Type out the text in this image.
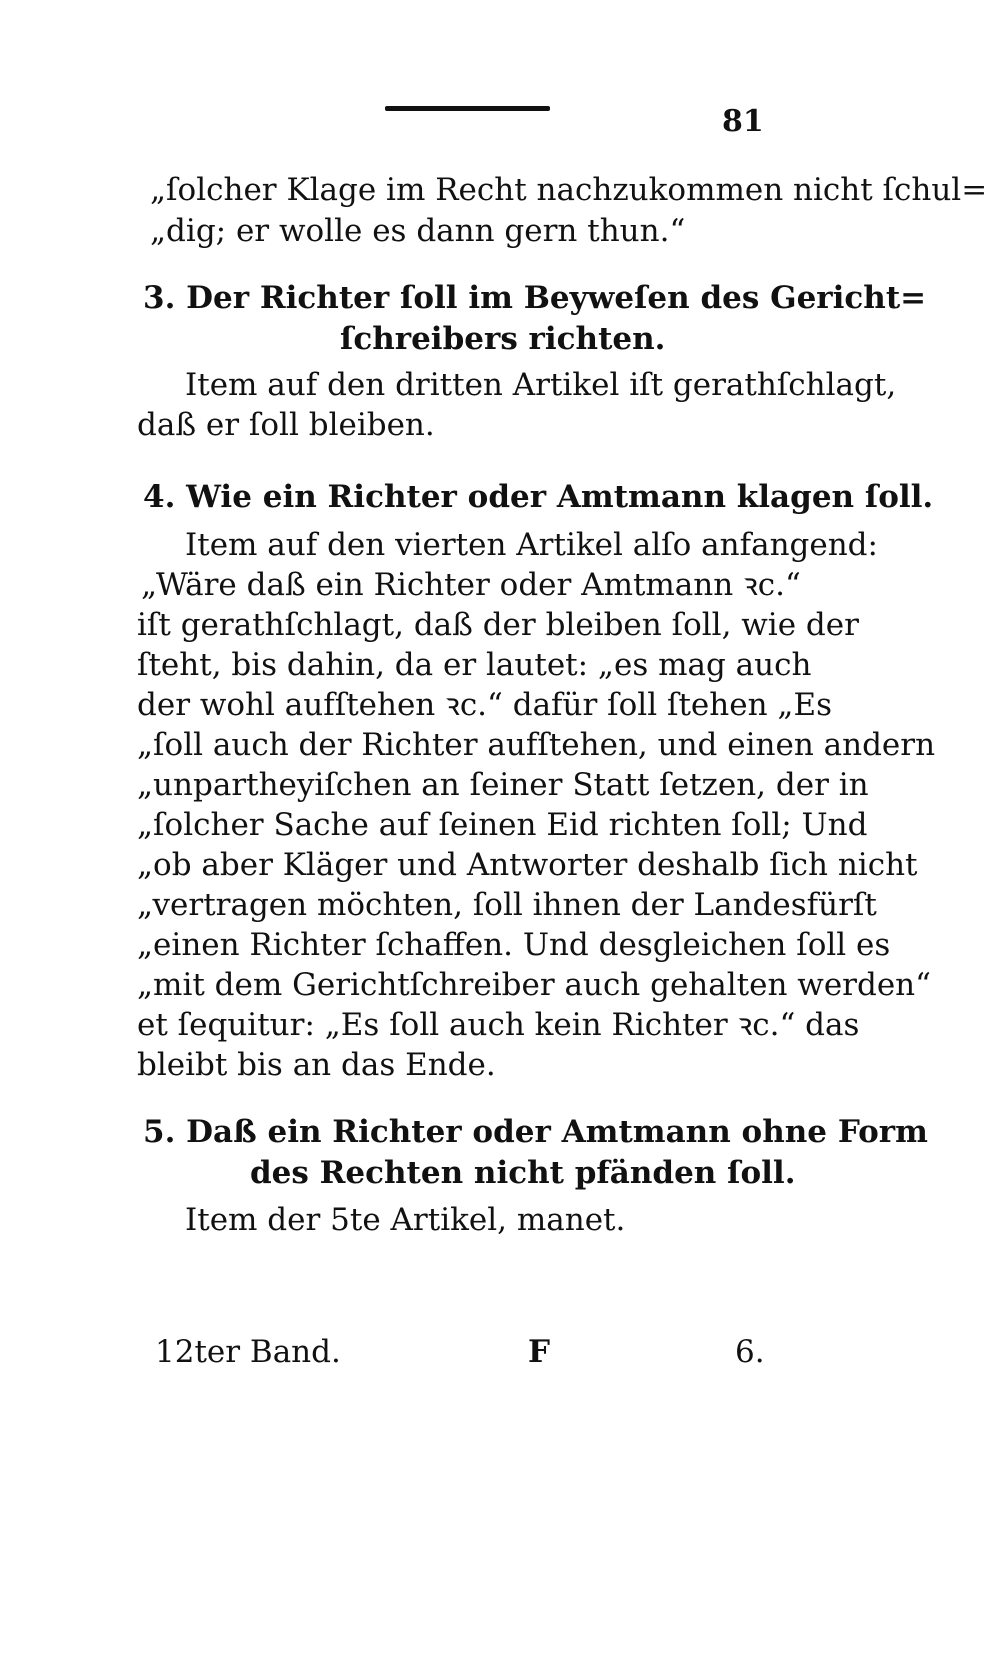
81
„ſolcher Klage im Recht nachzukommen nicht ſchul=
„dig; er wolle es dann gern thun.“
3. Der Richter ſoll im Beyweſen des Gericht=
ſchreibers richten.
Item auf den dritten Artikel iſt gerathſchlagt,
daß er ſoll bleiben.
4. Wie ein Richter oder Amtmann klagen ſoll.
Item auf den vierten Artikel alſo anfangend:
„Wäre daß ein Richter oder Amtmann ꝛc.“
iſt gerathſchlagt, daß der bleiben ſoll, wie der
ſteht, bis dahin, da er lautet: „es mag auch
der wohl aufſtehen ꝛc.“ dafür ſoll ſtehen „Es
„ſoll auch der Richter aufſtehen, und einen andern
„unpartheyiſchen an ſeiner Statt ſetzen, der in
„ſolcher Sache auf ſeinen Eid richten ſoll; Und
„ob aber Kläger und Antworter deshalb ſich nicht
„vertragen möchten, ſoll ihnen der Landesfürſt
„einen Richter ſchaffen. Und desgleichen ſoll es
„mit dem Gerichtſchreiber auch gehalten werden“
et ſequitur: „Es ſoll auch kein Richter ꝛc.“ das
bleibt bis an das Ende.
5. Daß ein Richter oder Amtmann ohne Form
des Rechten nicht pfänden ſoll.
Item der 5te Artikel, manet.
12ter Band.	F	6.
